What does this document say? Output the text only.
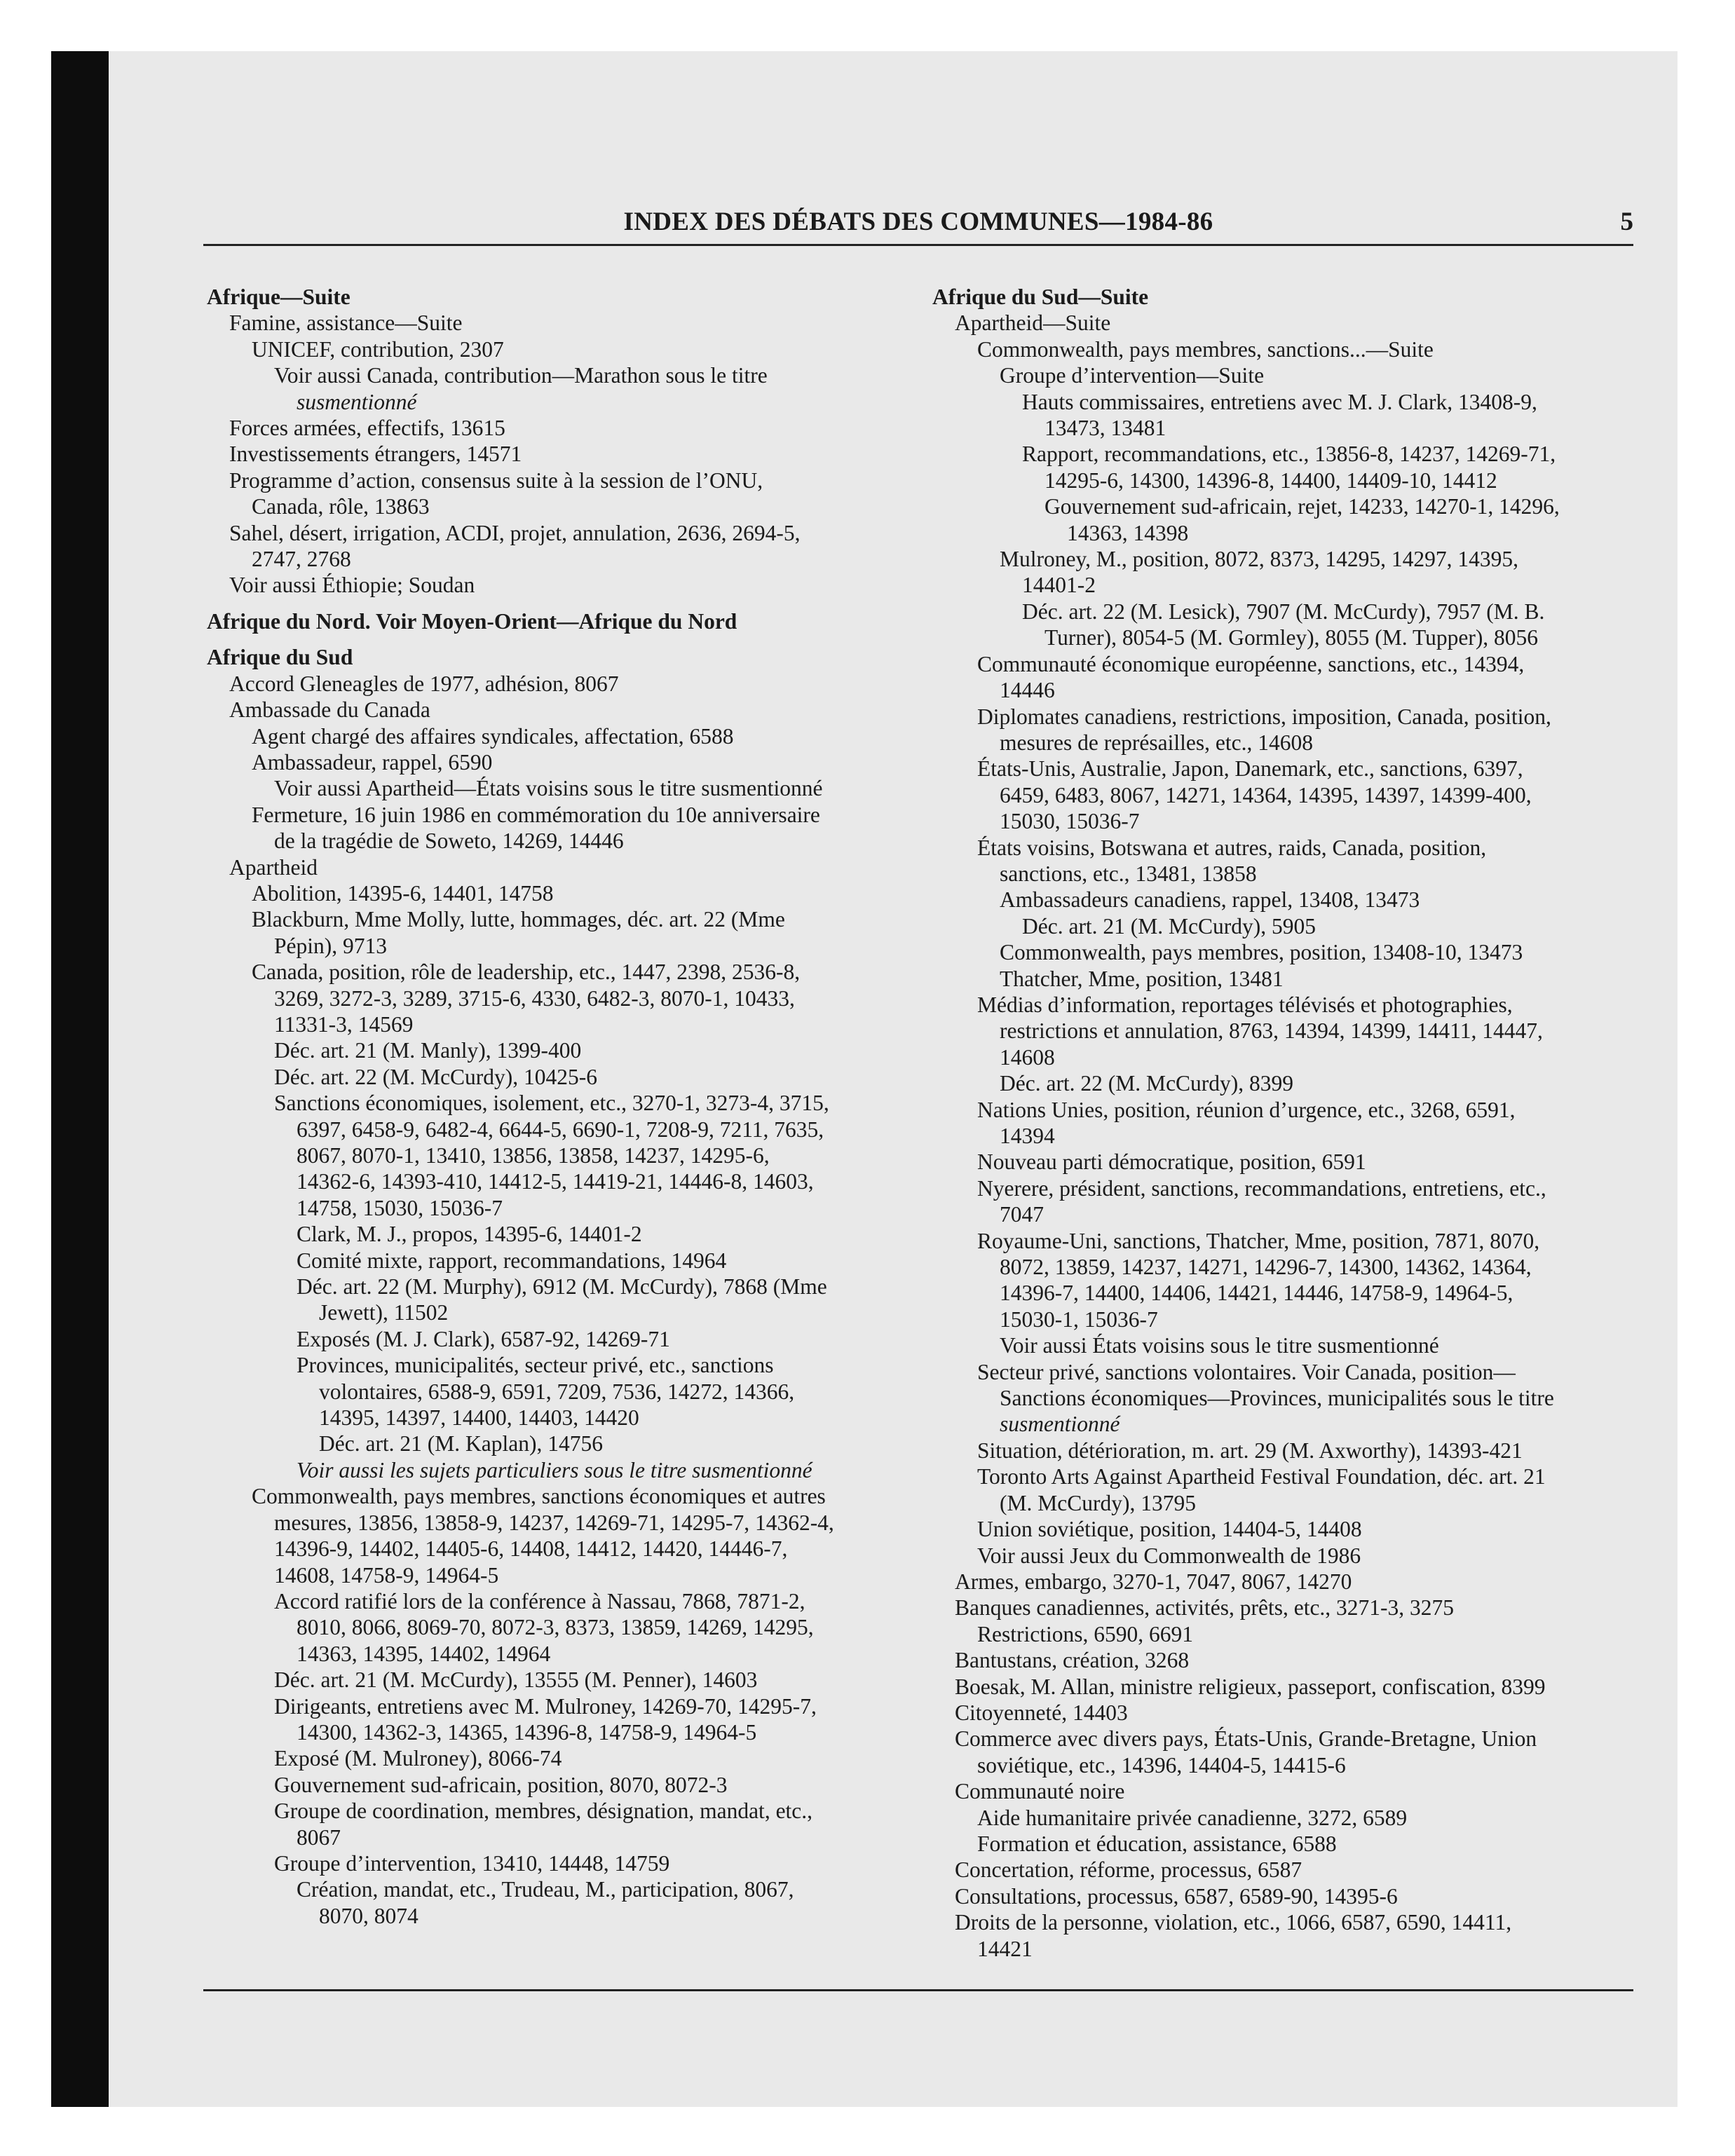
INDEX DES DÉBATS DES COMMUNES—1984-86	5
Afrique—Suite
Famine, assistance—Suite
UNICEF, contribution, 2307
Voir aussi Canada, contribution—Marathon sous le titre
susmentionné
Forces armées, effectifs, 13615
Investissements étrangers, 14571
Programme d’action, consensus suite à la session de l’ONU,
Canada, rôle, 13863
Sahel, désert, irrigation, ACDI, projet, annulation, 2636, 2694-5,
2747, 2768
Voir aussi Éthiopie; Soudan
Afrique du Nord. Voir Moyen-Orient—Afrique du Nord
Afrique du Sud
Accord Gleneagles de 1977, adhésion, 8067
Ambassade du Canada
Agent chargé des affaires syndicales, affectation, 6588
Ambassadeur, rappel, 6590
Voir aussi Apartheid—États voisins sous le titre susmentionné
Fermeture, 16 juin 1986 en commémoration du 10e anniversaire
de la tragédie de Soweto, 14269, 14446
Apartheid
Abolition, 14395-6, 14401, 14758
Blackburn, Mme Molly, lutte, hommages, déc. art. 22 (Mme
Pépin), 9713
Canada, position, rôle de leadership, etc., 1447, 2398, 2536-8,
3269, 3272-3, 3289, 3715-6, 4330, 6482-3, 8070-1, 10433,
11331-3, 14569
Déc. art. 21 (M. Manly), 1399-400
Déc. art. 22 (M. McCurdy), 10425-6
Sanctions économiques, isolement, etc., 3270-1, 3273-4, 3715,
6397, 6458-9, 6482-4, 6644-5, 6690-1, 7208-9, 7211, 7635,
8067, 8070-1, 13410, 13856, 13858, 14237, 14295-6,
14362-6, 14393-410, 14412-5, 14419-21, 14446-8, 14603,
14758, 15030, 15036-7
Clark, M. J., propos, 14395-6, 14401-2
Comité mixte, rapport, recommandations, 14964
Déc. art. 22 (M. Murphy), 6912 (M. McCurdy), 7868 (Mme
Jewett), 11502
Exposés (M. J. Clark), 6587-92, 14269-71
Provinces, municipalités, secteur privé, etc., sanctions
volontaires, 6588-9, 6591, 7209, 7536, 14272, 14366,
14395, 14397, 14400, 14403, 14420
Déc. art. 21 (M. Kaplan), 14756
Voir aussi les sujets particuliers sous le titre susmentionné
Commonwealth, pays membres, sanctions économiques et autres
mesures, 13856, 13858-9, 14237, 14269-71, 14295-7, 14362-4,
14396-9, 14402, 14405-6, 14408, 14412, 14420, 14446-7,
14608, 14758-9, 14964-5
Accord ratifié lors de la conférence à Nassau, 7868, 7871-2,
8010, 8066, 8069-70, 8072-3, 8373, 13859, 14269, 14295,
14363, 14395, 14402, 14964
Déc. art. 21 (M. McCurdy), 13555 (M. Penner), 14603
Dirigeants, entretiens avec M. Mulroney, 14269-70, 14295-7,
14300, 14362-3, 14365, 14396-8, 14758-9, 14964-5
Exposé (M. Mulroney), 8066-74
Gouvernement sud-africain, position, 8070, 8072-3
Groupe de coordination, membres, désignation, mandat, etc.,
8067
Groupe d’intervention, 13410, 14448, 14759
Création, mandat, etc., Trudeau, M., participation, 8067,
8070, 8074
Afrique du Sud—Suite
Apartheid—Suite
Commonwealth, pays membres, sanctions...—Suite
Groupe d’intervention—Suite
Hauts commissaires, entretiens avec M. J. Clark, 13408-9,
13473, 13481
Rapport, recommandations, etc., 13856-8, 14237, 14269-71,
14295-6, 14300, 14396-8, 14400, 14409-10, 14412
Gouvernement sud-africain, rejet, 14233, 14270-1, 14296,
14363, 14398
Mulroney, M., position, 8072, 8373, 14295, 14297, 14395,
14401-2
Déc. art. 22 (M. Lesick), 7907 (M. McCurdy), 7957 (M. B.
Turner), 8054-5 (M. Gormley), 8055 (M. Tupper), 8056
Communauté économique européenne, sanctions, etc., 14394,
14446
Diplomates canadiens, restrictions, imposition, Canada, position,
mesures de représailles, etc., 14608
États-Unis, Australie, Japon, Danemark, etc., sanctions, 6397,
6459, 6483, 8067, 14271, 14364, 14395, 14397, 14399-400,
15030, 15036-7
États voisins, Botswana et autres, raids, Canada, position,
sanctions, etc., 13481, 13858
Ambassadeurs canadiens, rappel, 13408, 13473
Déc. art. 21 (M. McCurdy), 5905
Commonwealth, pays membres, position, 13408-10, 13473
Thatcher, Mme, position, 13481
Médias d’information, reportages télévisés et photographies,
restrictions et annulation, 8763, 14394, 14399, 14411, 14447,
14608
Déc. art. 22 (M. McCurdy), 8399
Nations Unies, position, réunion d’urgence, etc., 3268, 6591,
14394
Nouveau parti démocratique, position, 6591
Nyerere, président, sanctions, recommandations, entretiens, etc.,
7047
Royaume-Uni, sanctions, Thatcher, Mme, position, 7871, 8070,
8072, 13859, 14237, 14271, 14296-7, 14300, 14362, 14364,
14396-7, 14400, 14406, 14421, 14446, 14758-9, 14964-5,
15030-1, 15036-7
Voir aussi États voisins sous le titre susmentionné
Secteur privé, sanctions volontaires. Voir Canada, position—
Sanctions économiques—Provinces, municipalités sous le titre
susmentionné
Situation, détérioration, m. art. 29 (M. Axworthy), 14393-421
Toronto Arts Against Apartheid Festival Foundation, déc. art. 21
(M. McCurdy), 13795
Union soviétique, position, 14404-5, 14408
Voir aussi Jeux du Commonwealth de 1986
Armes, embargo, 3270-1, 7047, 8067, 14270
Banques canadiennes, activités, prêts, etc., 3271-3, 3275
Restrictions, 6590, 6691
Bantustans, création, 3268
Boesak, M. Allan, ministre religieux, passeport, confiscation, 8399
Citoyenneté, 14403
Commerce avec divers pays, États-Unis, Grande-Bretagne, Union
soviétique, etc., 14396, 14404-5, 14415-6
Communauté noire
Aide humanitaire privée canadienne, 3272, 6589
Formation et éducation, assistance, 6588
Concertation, réforme, processus, 6587
Consultations, processus, 6587, 6589-90, 14395-6
Droits de la personne, violation, etc., 1066, 6587, 6590, 14411,
14421
